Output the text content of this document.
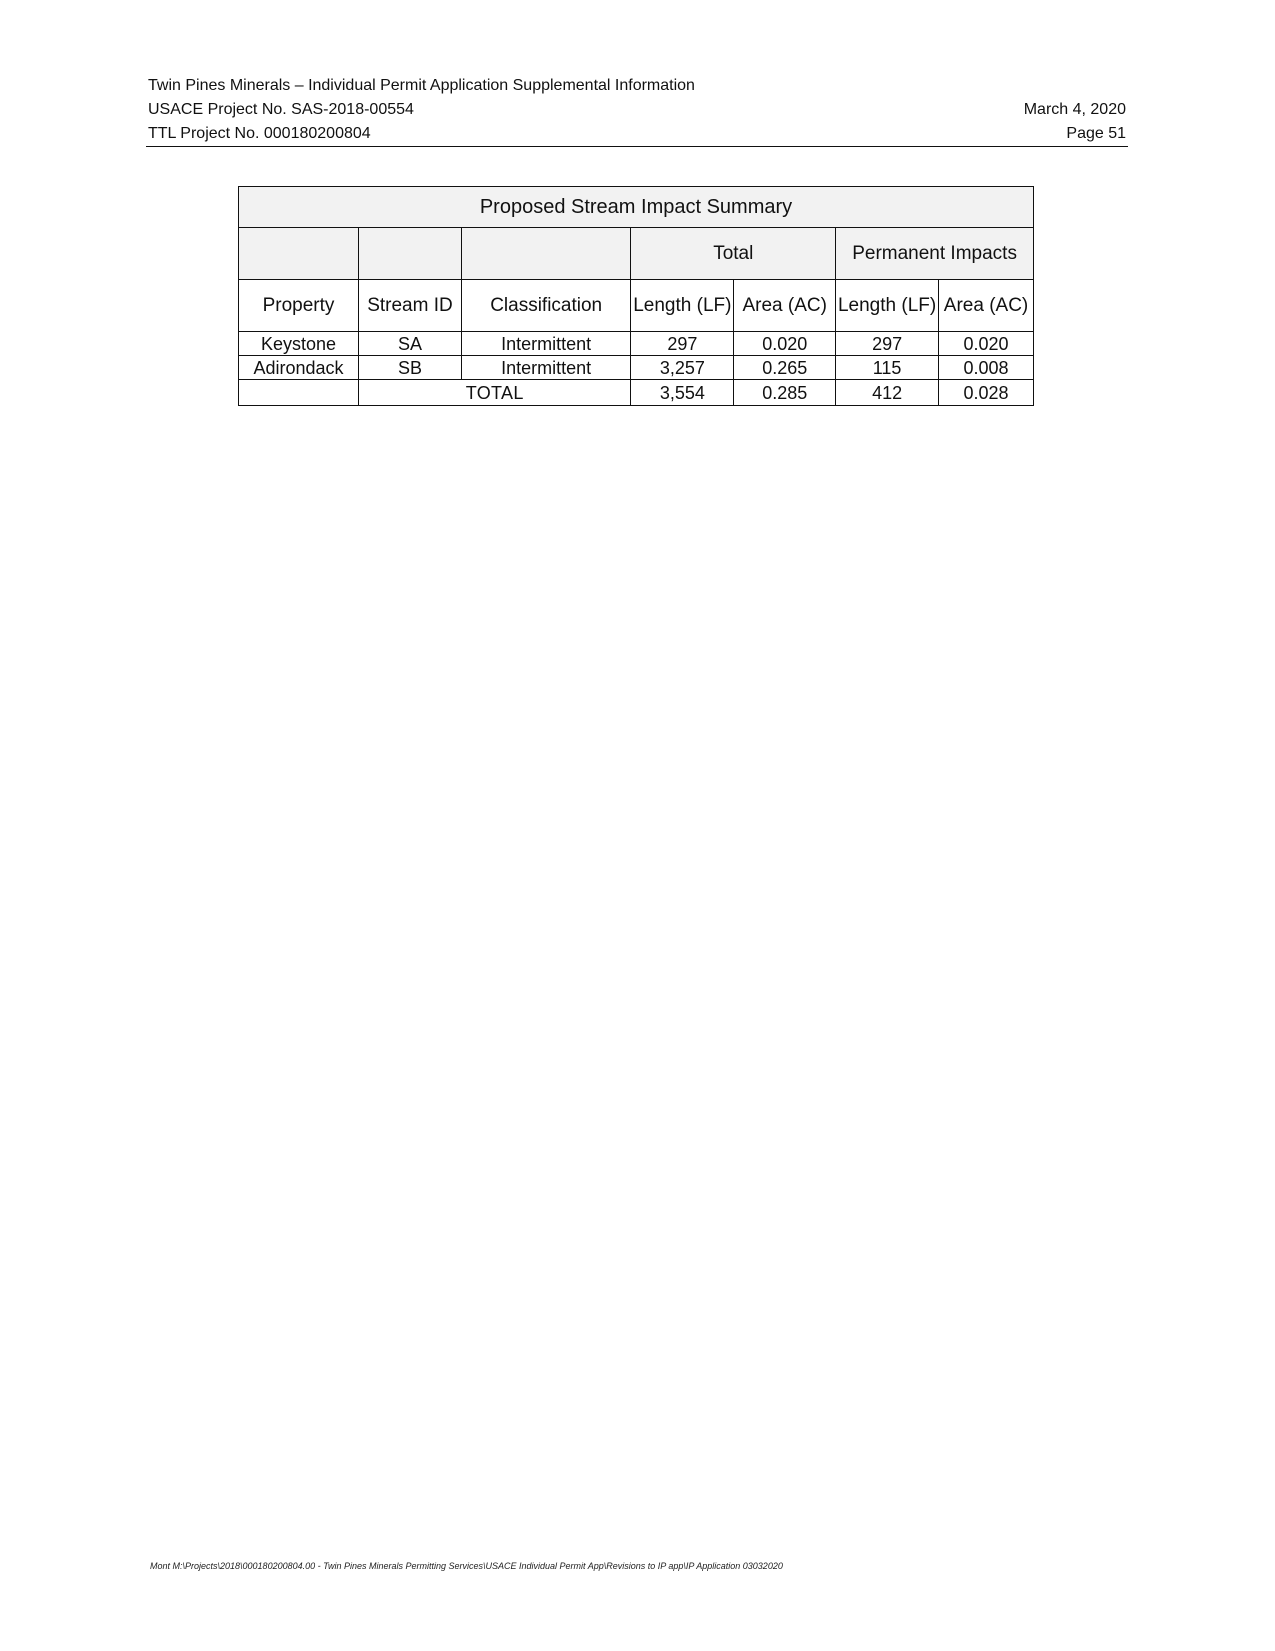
Twin Pines Minerals – Individual Permit Application Supplemental Information
USACE Project No. SAS-2018-00554	March 4, 2020
TTL Project No. 000180200804	Page 51
Proposed Stream Impact Summary						
			Total		Permanent Impacts	
Property	Stream ID	Classification	Length (LF)	Area (AC)	Length (LF)	Area (AC)
Keystone	SA	Intermittent	297	0.020	297	0.020
Adirondack	SB	Intermittent	3,257	0.265	115	0.008
	TOTAL		3,554	0.285	412	0.028
Mont M:\Projects\2018\000180200804.00 - Twin Pines Minerals Permitting Services\USACE Individual Permit App\Revisions to IP app\IP Application 03032020
